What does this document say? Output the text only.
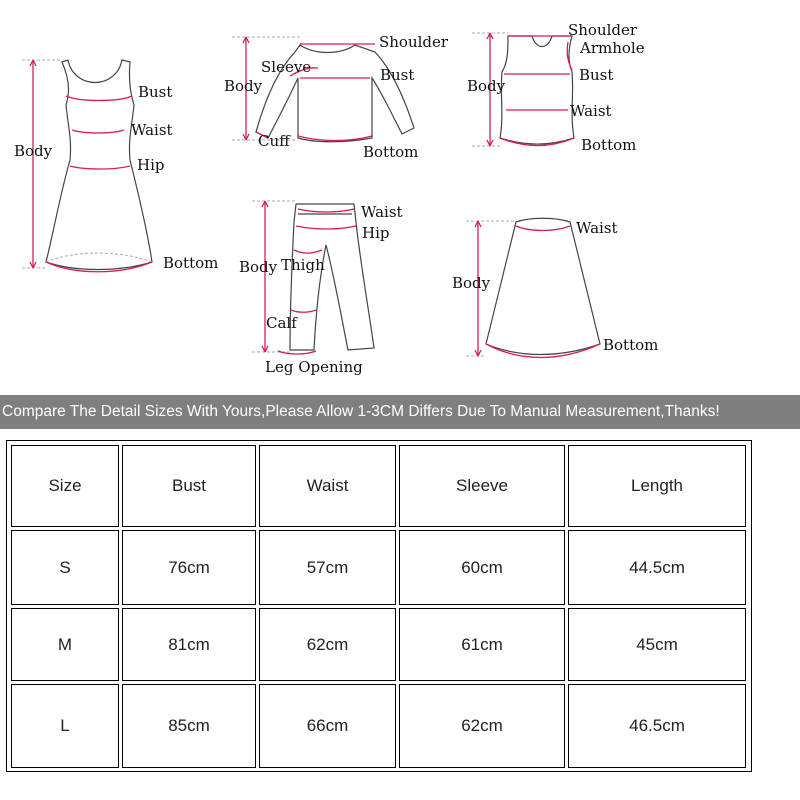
Body
Bust
Waist
Hip
Bottom
Body
Sleeve
Shoulder
Bust
Cuff
Bottom
Body
Shoulder
Armhole
Bust
Waist
Bottom
Body
Waist
Hip
Thigh
Calf
Leg Opening
Body
Waist
Bottom
Compare The Detail Sizes With Yours,Please Allow 1-3CM Differs Due To Manual Measurement,Thanks!
Size	Bust	Waist	Sleeve	Length
S	76cm	57cm	60cm	44.5cm
M	81cm	62cm	61cm	45cm
L	85cm	66cm	62cm	46.5cm
